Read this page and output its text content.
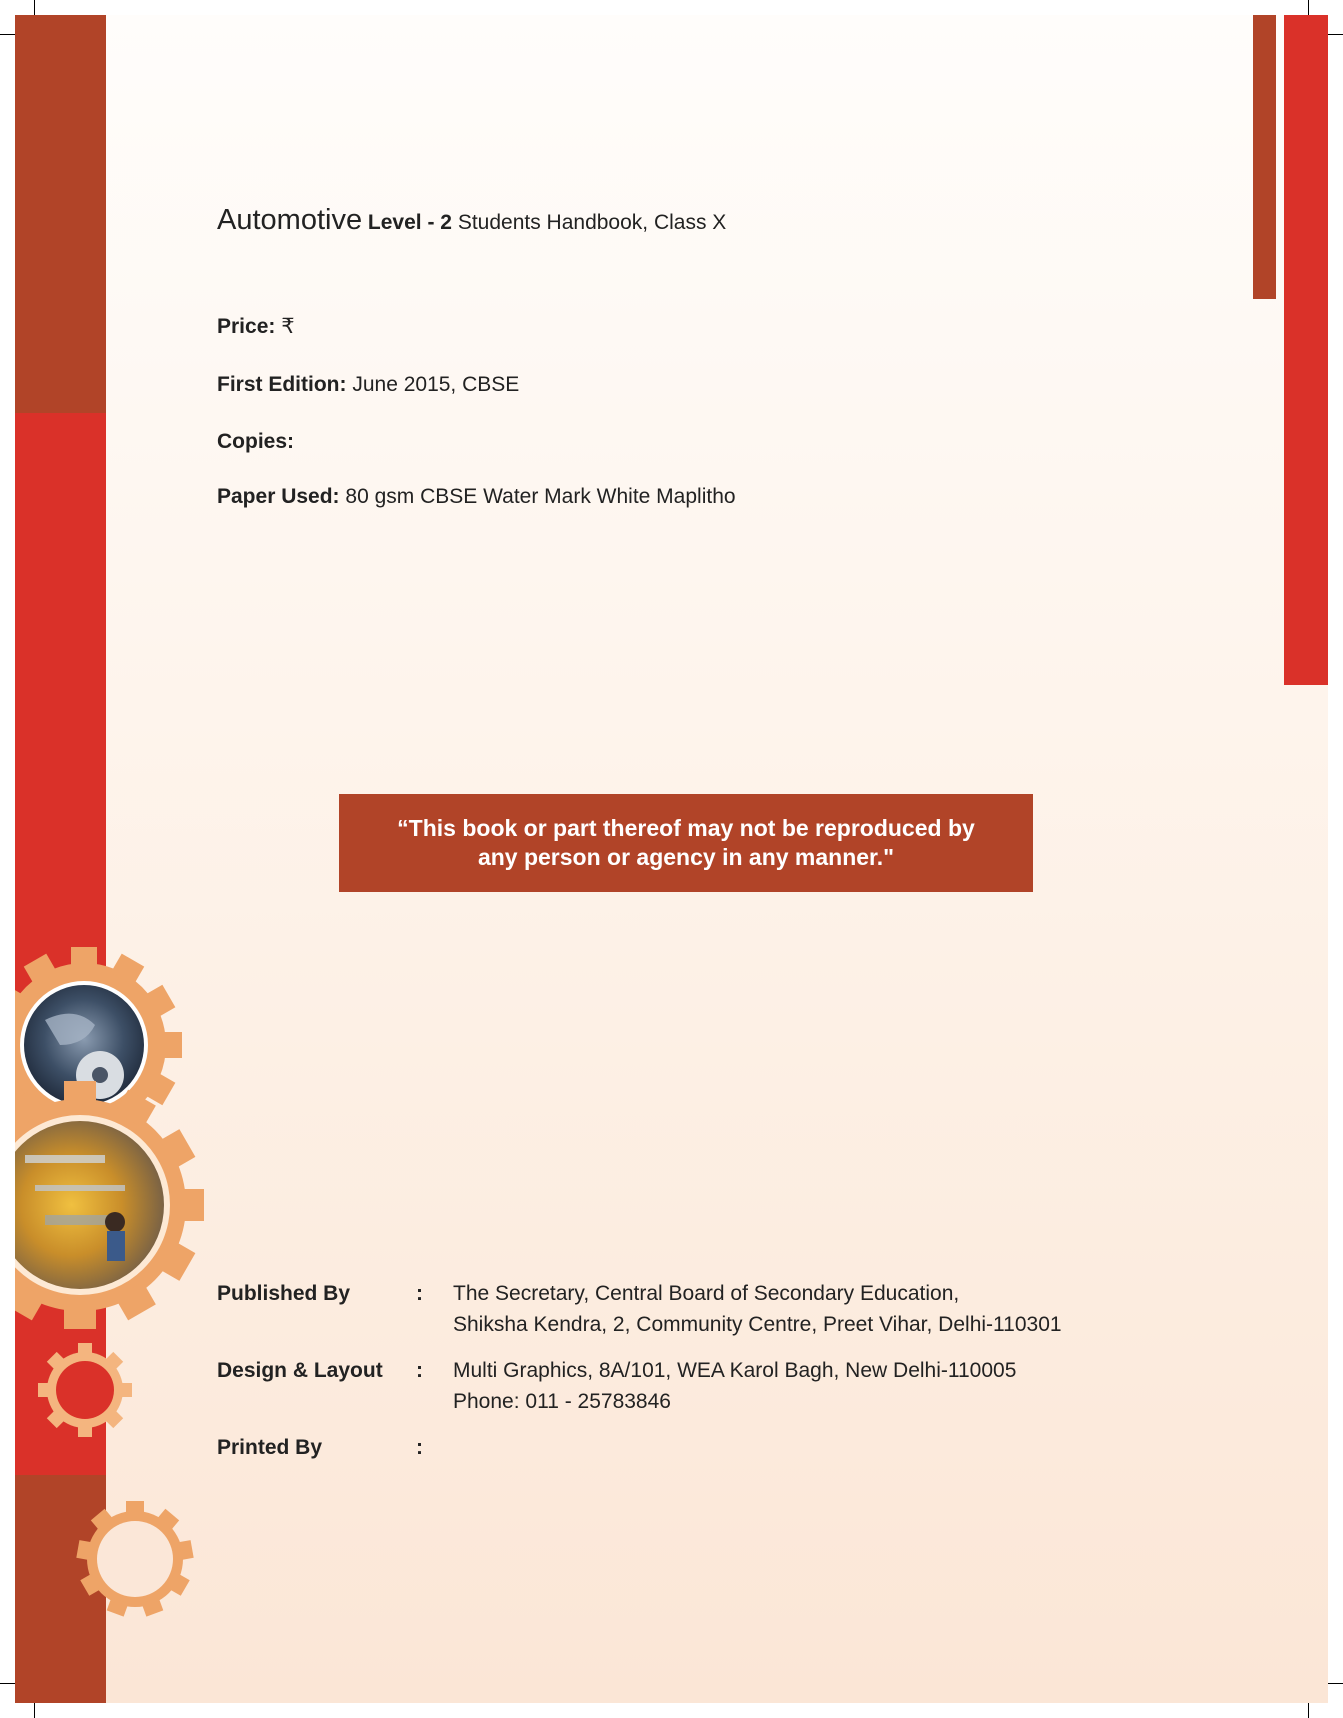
Automotive Level - 2 Students Handbook, Class X
Price: ₹
First Edition: June 2015, CBSE
Copies:
Paper Used: 80 gsm CBSE Water Mark White Maplitho
“This book or part thereof may not be reproduced by
any person or agency in any manner."
Published By	: The Secretary, Central Board of Secondary Education,
Shiksha Kendra, 2, Community Centre, Preet Vihar, Delhi-110301
Design & Layout	: Multi Graphics, 8A/101, WEA Karol Bagh, New Delhi-110005
Phone: 011 - 25783846
Printed By	:
